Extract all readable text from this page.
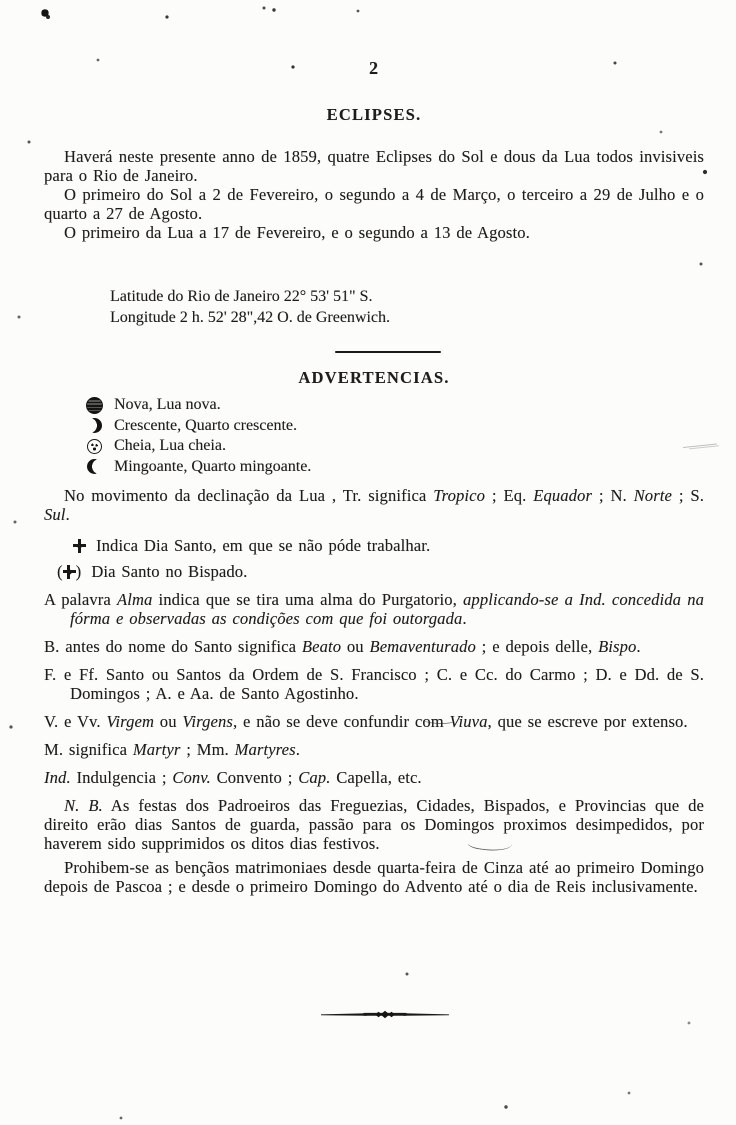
2
ECLIPSES.

Haverá neste presente anno de 1859, quatre Eclipses do Sol e dous da Lua todos invisiveis para o Rio de Janeiro.

O primeiro do Sol a 2 de Fevereiro, o segundo a 4 de Março, o terceiro a 29 de Julho e o quarto a 27 de Agosto.

O primeiro da Lua a 17 de Fevereiro, e o segundo a 13 de Agosto.

Latitude do Rio de Janeiro 22° 53' 51" S.
Longitude 2 h. 52' 28",42 O. de Greenwich.
ADVERTENCIAS.
Nova, Lua nova.
Crescente, Quarto crescente.
Cheia, Lua cheia.
Mingoante, Quarto mingoante.
No movimento da declinação da Lua , Tr. significa Tropico ; Eq. Equador ; N. Norte ; S. Sul.
Indica Dia Santo, em que se não póde trabalhar.
( ) Dia Santo no Bispado.
A palavra Alma indica que se tira uma alma do Purgatorio, applicando-se a Ind. concedida na fórma e observadas as condições com que foi outorgada.
B. antes do nome do Santo significa Beato ou Bemaventurado ; e depois delle, Bispo.
F. e Ff. Santo ou Santos da Ordem de S. Francisco ; C. e Cc. do Carmo ; D. e Dd. de S. Domingos ; A. e Aa. de Santo Agostinho.
V. e Vv. Virgem ou Virgens, e não se deve confundir com Viuva, que se escreve por extenso.
M. significa Martyr ; Mm. Martyres.
Ind. Indulgencia ; Conv. Convento ; Cap. Capella, etc.
N. B. As festas dos Padroeiros das Freguezias, Cidades, Bispados, e Provincias que de direito erão dias Santos de guarda, passão para os Domingos proximos desimpedidos, por haverem sido supprimidos os ditos dias festivos.
Prohibem-se as bençãos matrimoniaes desde quarta-feira de Cinza até ao primeiro Domingo depois de Pascoa ; e desde o primeiro Domingo do Advento até o dia de Reis inclusivamente.
